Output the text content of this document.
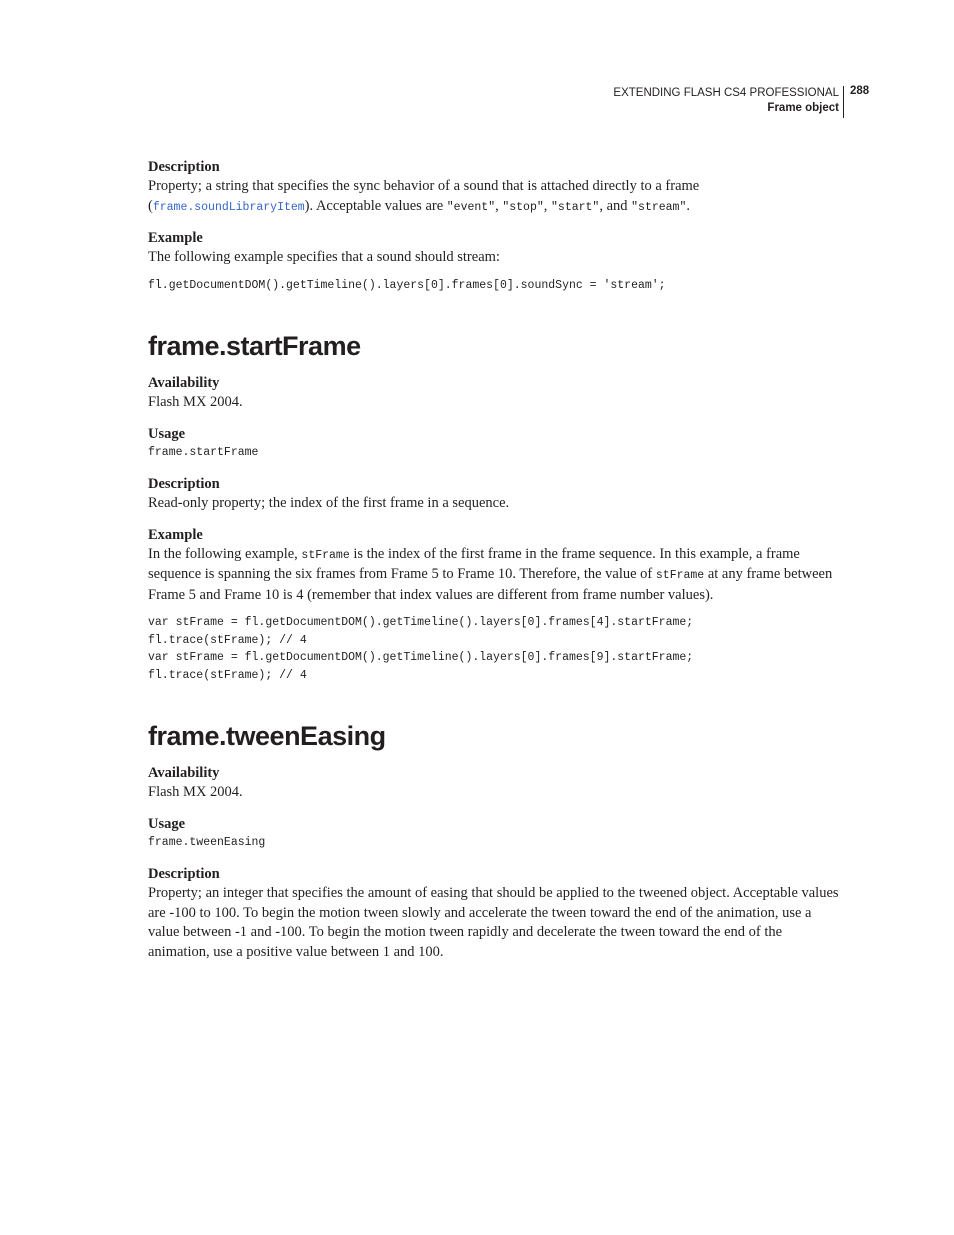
EXTENDING FLASH CS4 PROFESSIONAL
Frame object
288

Description

Property; a string that specifies the sync behavior of a sound that is attached directly to a frame
(frame.soundLibraryItem). Acceptable values are "event", "stop", "start", and "stream".

Example

The following example specifies that a sound should stream:

fl.getDocumentDOM().getTimeline().layers[0].frames[0].soundSync = 'stream';

frame.startFrame

Availability

Flash MX 2004.

Usage

frame.startFrame

Description

Read-only property; the index of the first frame in a sequence.

Example

In the following example, stFrame is the index of the first frame in the frame sequence. In this example, a frame sequence is spanning the six frames from Frame 5 to Frame 10. Therefore, the value of stFrame at any frame between Frame 5 and Frame 10 is 4 (remember that index values are different from frame number values).

var stFrame = fl.getDocumentDOM().getTimeline().layers[0].frames[4].startFrame;

fl.trace(stFrame); // 4

var stFrame = fl.getDocumentDOM().getTimeline().layers[0].frames[9].startFrame;

fl.trace(stFrame); // 4

frame.tweenEasing

Availability

Flash MX 2004.

Usage

frame.tweenEasing

Description

Property; an integer that specifies the amount of easing that should be applied to the tweened object. Acceptable values are -100 to 100. To begin the motion tween slowly and accelerate the tween toward the end of the animation, use a value between -1 and -100. To begin the motion tween rapidly and decelerate the tween toward the end of the animation, use a positive value between 1 and 100.
